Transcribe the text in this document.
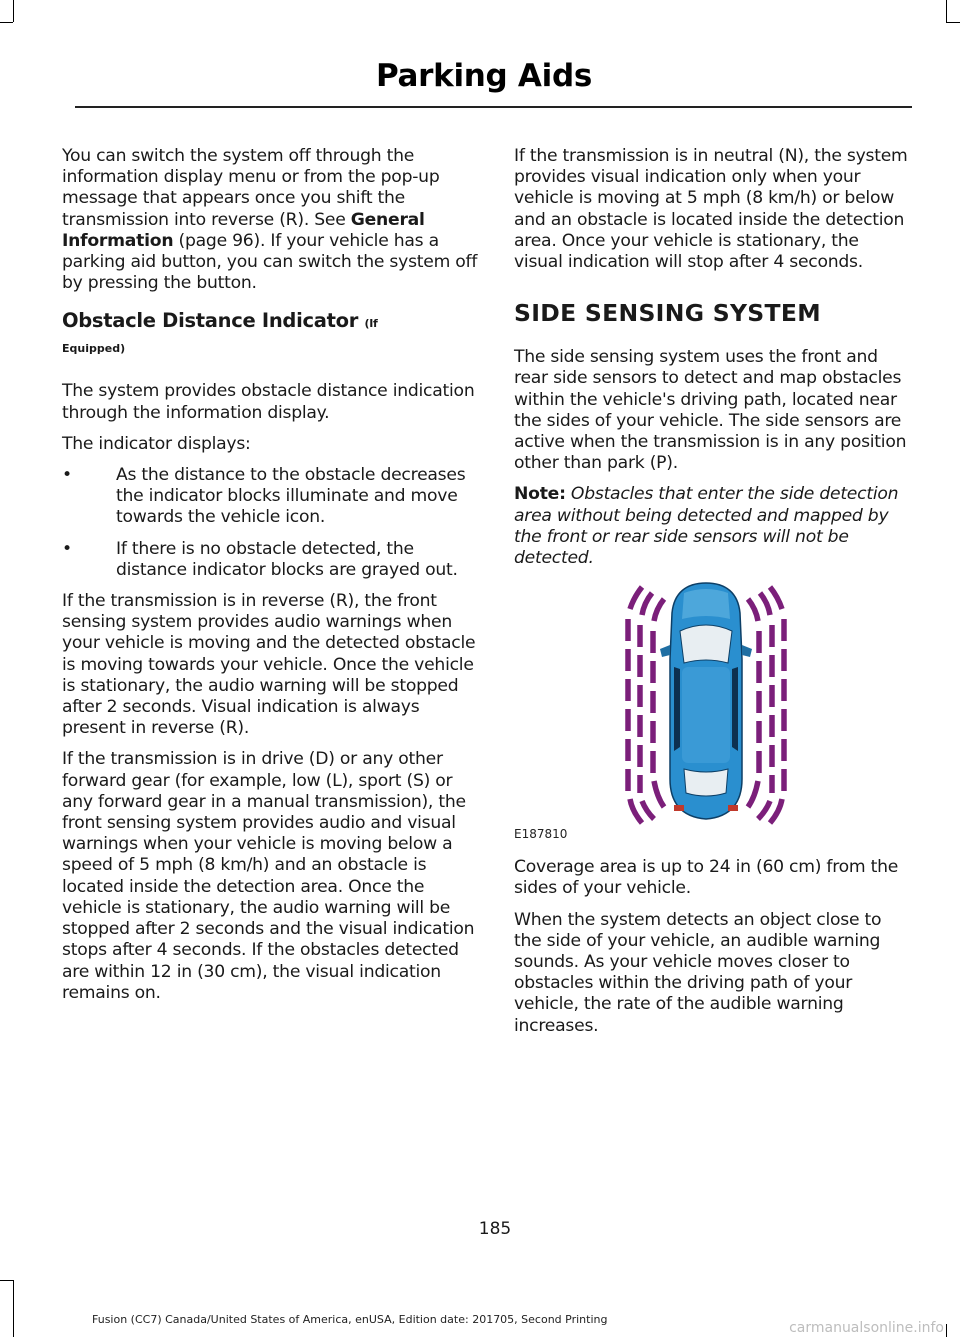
Parking Aids

You can switch the system off through the information display menu or from the pop-up message that appears once you shift the transmission into reverse (R). See General Information (page 96). If your vehicle has a parking aid button, you can switch the system off by pressing the button.

Obstacle Distance Indicator (If
Equipped)

The system provides obstacle distance indication through the information display.

The indicator displays:

•	As the distance to the obstacle decreases the indicator blocks illuminate and move towards the vehicle icon.
•	If there is no obstacle detected, the distance indicator blocks are grayed out.

If the transmission is in reverse (R), the front sensing system provides audio warnings when your vehicle is moving and the detected obstacle is moving towards your vehicle. Once the vehicle is stationary, the audio warning will be stopped after 2 seconds. Visual indication is always present in reverse (R).

If the transmission is in drive (D) or any other forward gear (for example, low (L), sport (S) or any forward gear in a manual transmission), the front sensing system provides audio and visual warnings when your vehicle is moving below a speed of 5 mph (8 km/h) and an obstacle is located inside the detection area. Once the vehicle is stationary, the audio warning will be stopped after 2 seconds and the visual indication stops after 4 seconds. If the obstacles detected are within 12 in (30 cm), the visual indication remains on.

If the transmission is in neutral (N), the system provides visual indication only when your vehicle is moving at 5 mph (8 km/h) or below and an obstacle is located inside the detection area. Once your vehicle is stationary, the visual indication will stop after 4 seconds.

SIDE SENSING SYSTEM

The side sensing system uses the front and rear side sensors to detect and map obstacles within the vehicle's driving path, located near the sides of your vehicle. The side sensors are active when the transmission is in any position other than park (P).

Note: Obstacles that enter the side detection area without being detected and mapped by the front or rear side sensors will not be detected.

E187810

Coverage area is up to 24 in (60 cm) from the sides of your vehicle.

When the system detects an object close to the side of your vehicle, an audible warning sounds. As your vehicle moves closer to obstacles within the driving path of your vehicle, the rate of the audible warning increases.

185
Fusion (CC7) Canada/United States of America, enUSA, Edition date: 201705, Second Printing
carmanualsonline.info
